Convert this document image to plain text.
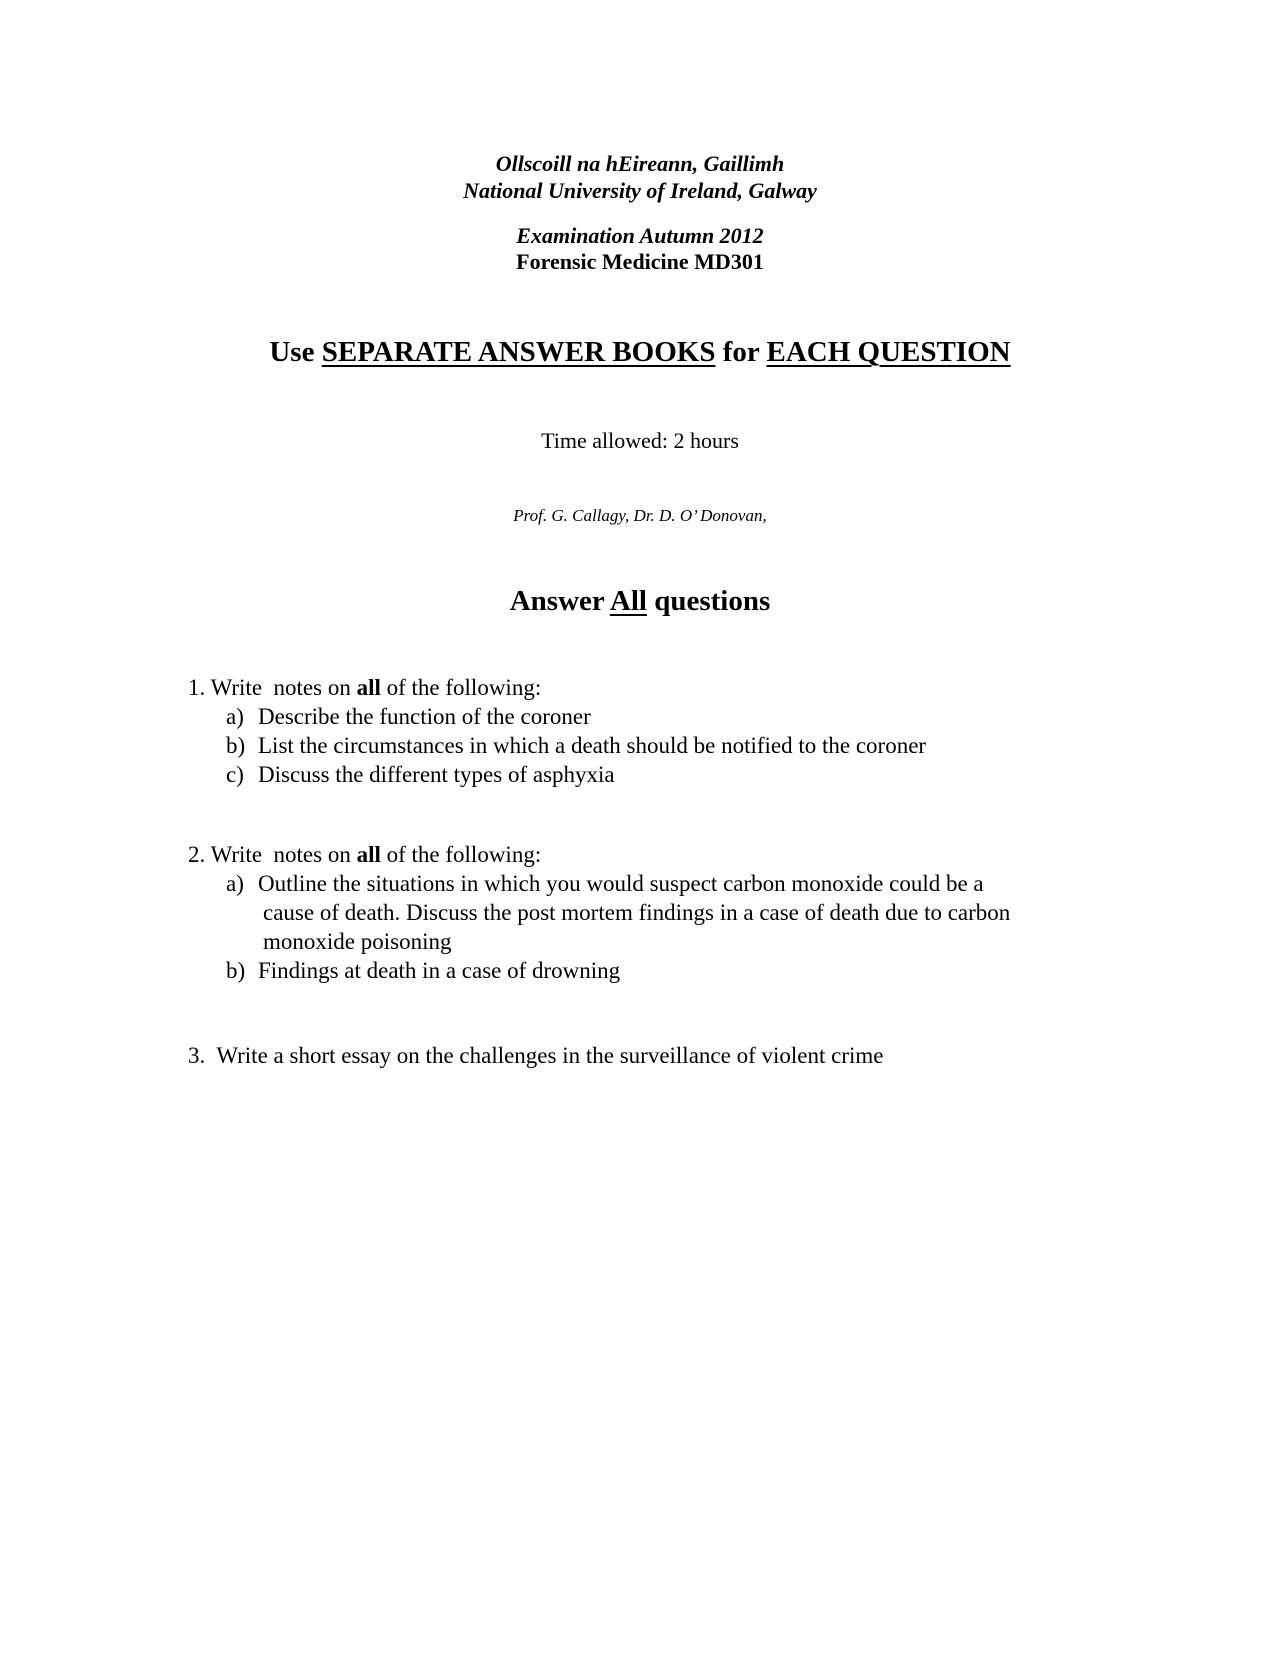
Ollscoill na hEireann, Gaillimh
National University of Ireland, Galway
Examination Autumn 2012
Forensic Medicine MD301
Use SEPARATE ANSWER BOOKS for EACH QUESTION
Time allowed: 2 hours
Prof. G. Callagy, Dr. D. O’ Donovan,
Answer All questions
1. Write  notes on all of the following:
a) Describe the function of the coroner
b) List the circumstances in which a death should be notified to the coroner
c) Discuss the different types of asphyxia
2. Write  notes on all of the following:
a) Outline the situations in which you would suspect carbon monoxide could be a
cause of death. Discuss the post mortem findings in a case of death due to carbon
monoxide poisoning
b) Findings at death in a case of drowning
3. Write a short essay on the challenges in the surveillance of violent crime
